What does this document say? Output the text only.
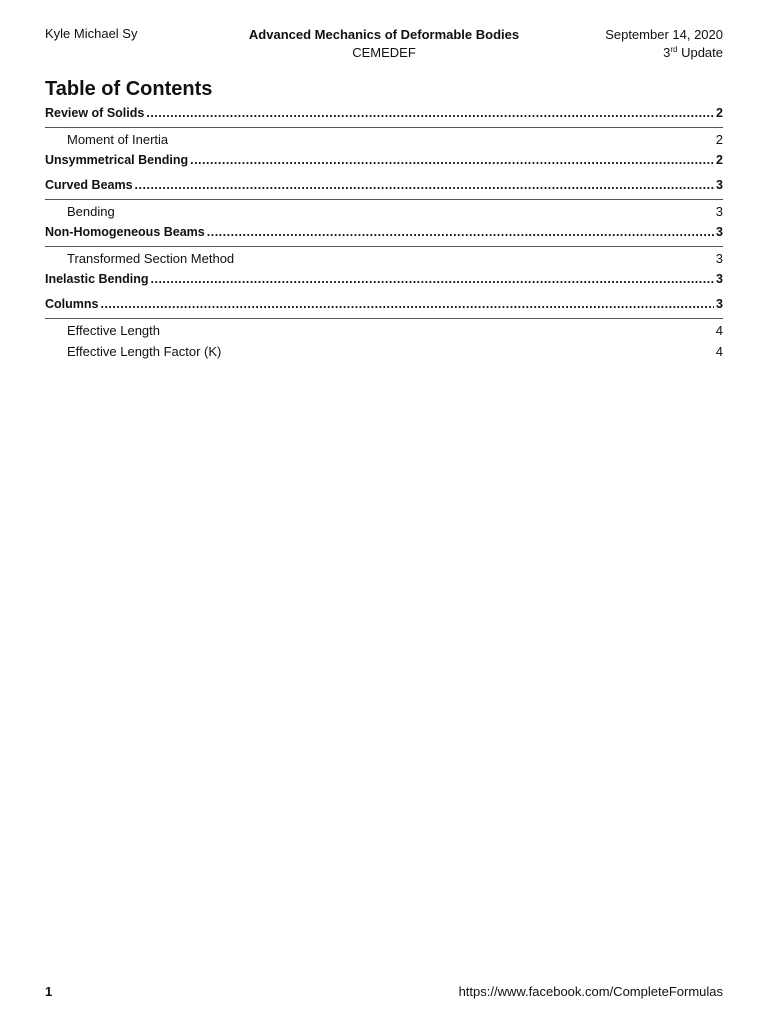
Kyle Michael Sy	Advanced Mechanics of Deformable Bodies
CEMEDEF
September 14, 2020
3rd Update
Table of Contents
Review of Solids .....	2
Moment of Inertia	2
Unsymmetrical Bending .....	2
Curved Beams .....	3
Bending	3
Non-Homogeneous Beams .....	3
Transformed Section Method	3
Inelastic Bending .....	3
Columns .....	3
Effective Length	4
Effective Length Factor (K)	4
1	https://www.facebook.com/CompleteFormulas
